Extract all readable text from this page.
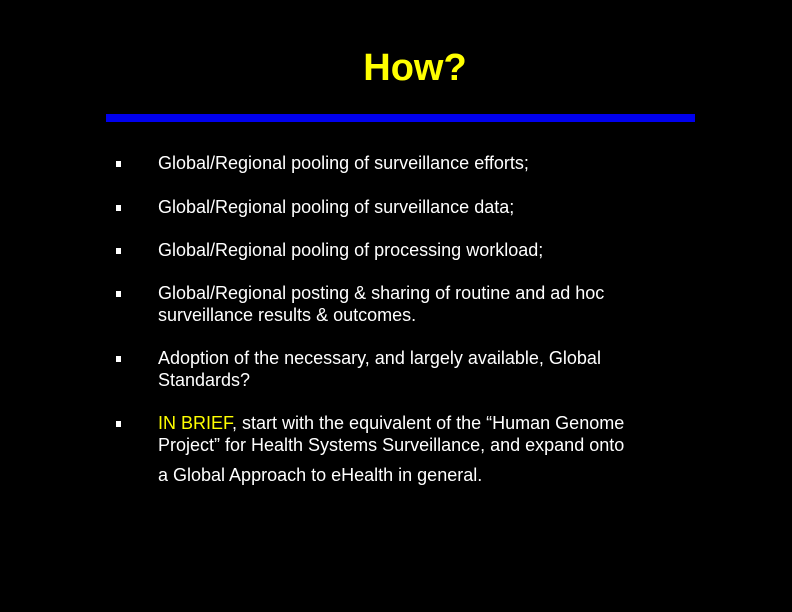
How?
Global/Regional pooling of surveillance efforts;
Global/Regional pooling of surveillance data;
Global/Regional pooling of processing workload;
Global/Regional posting & sharing of routine and ad hoc
surveillance results & outcomes.
Adoption of the necessary, and largely available, Global
Standards?
IN BRIEF, start with the equivalent of the “Human Genome
Project” for Health Systems Surveillance, and expand onto
a Global Approach to eHealth in general.
